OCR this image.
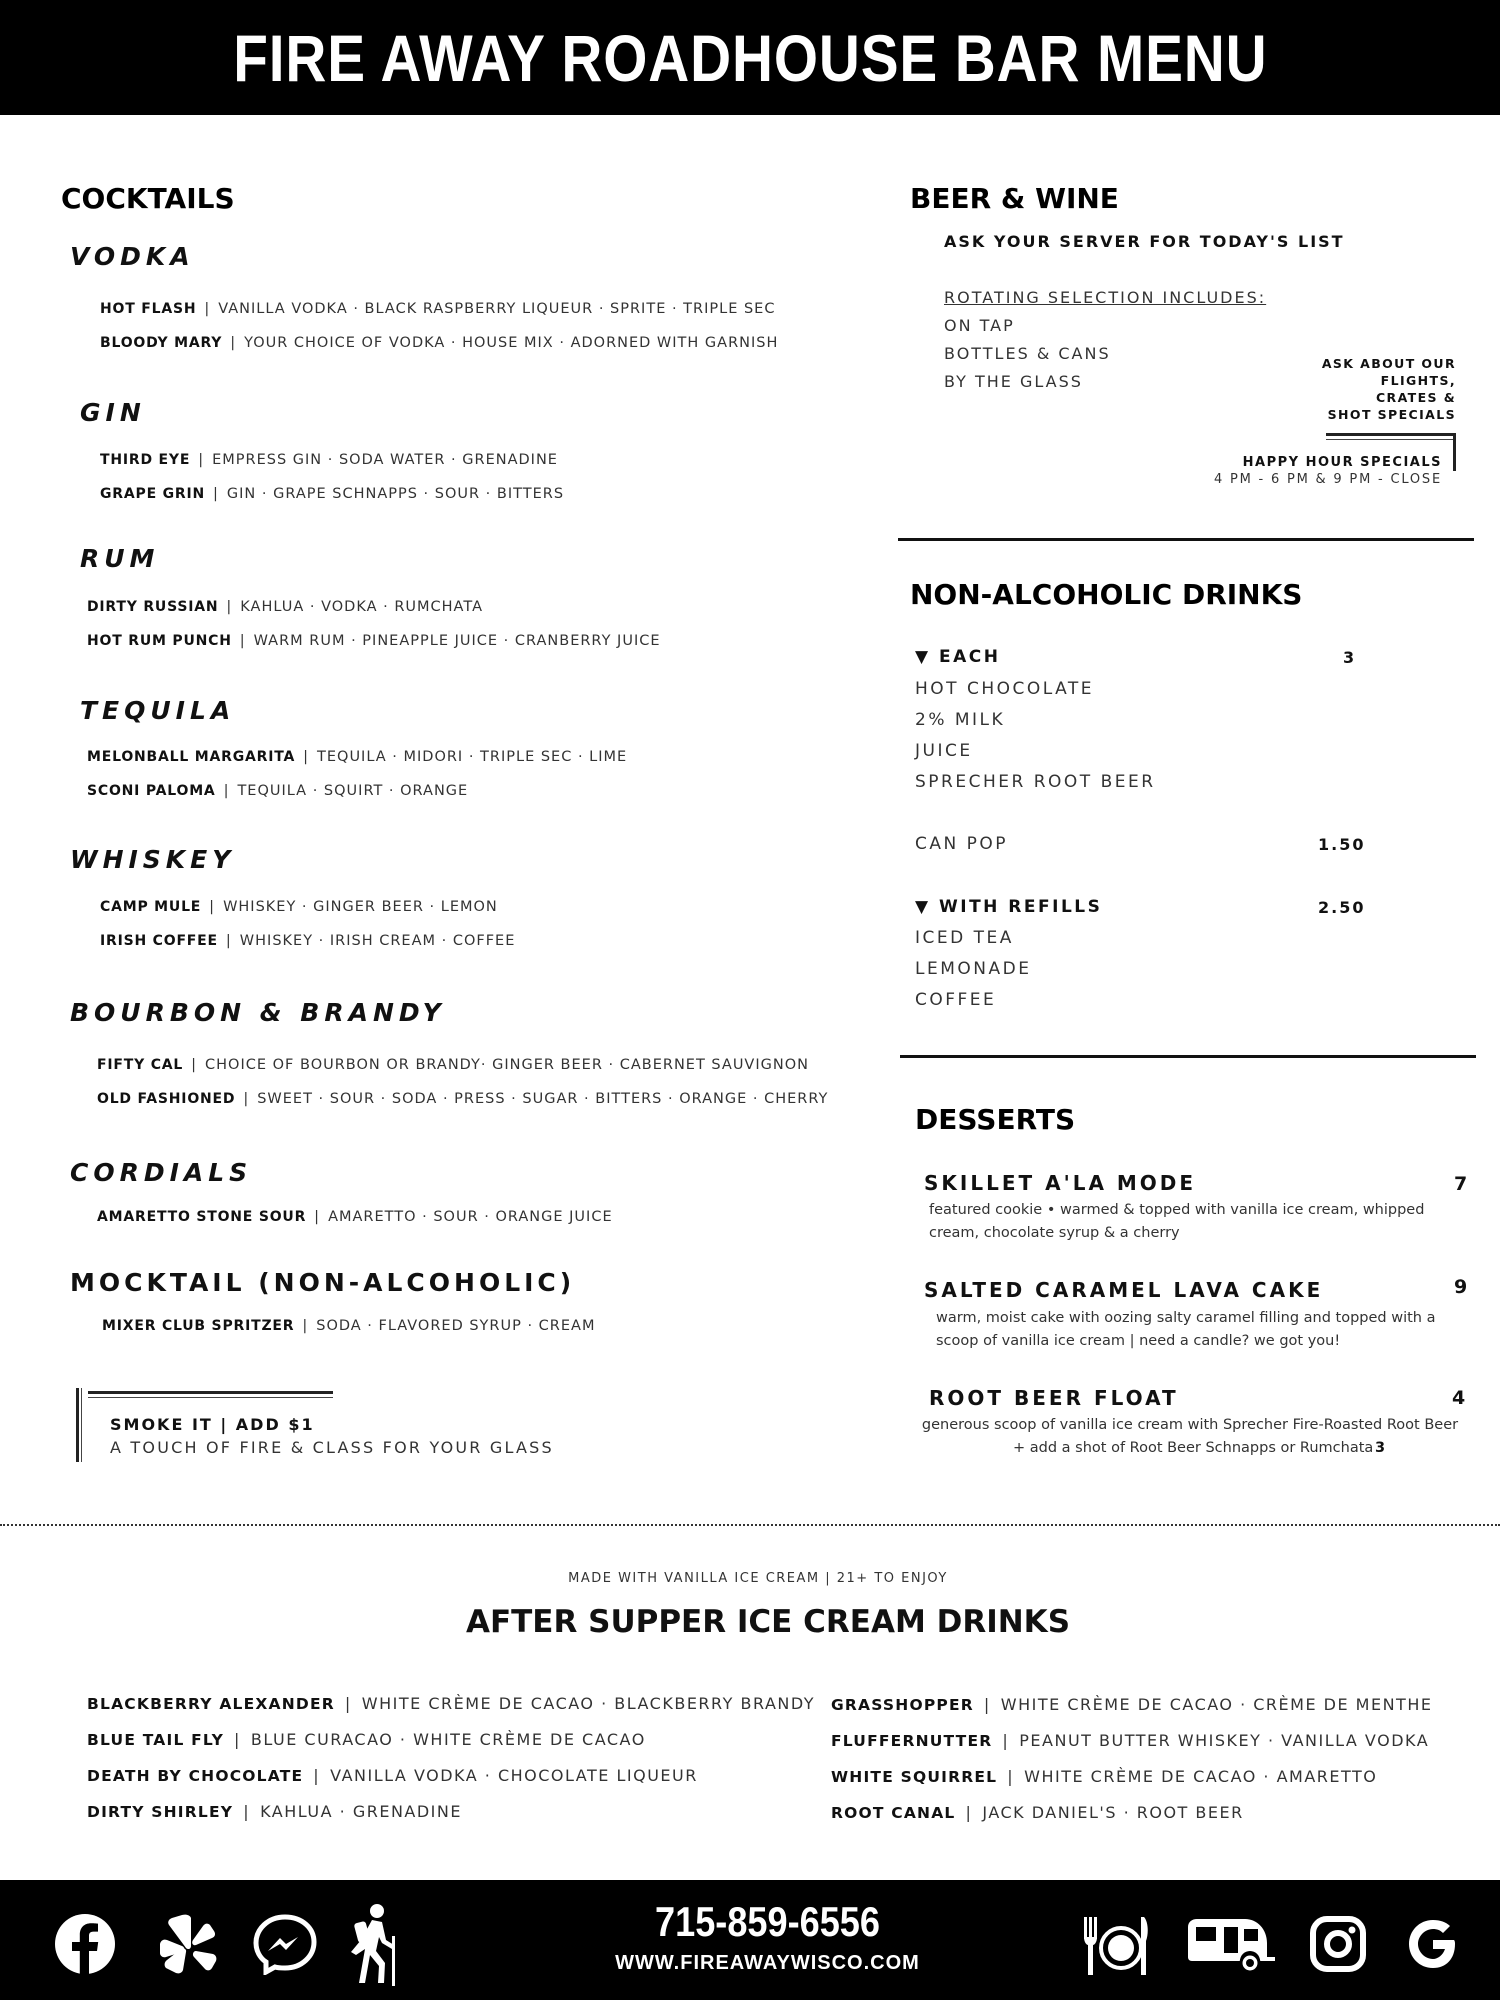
FIRE AWAY ROADHOUSE BAR MENU
COCKTAILS
VODKA
HOT FLASH | VANILLA VODKA · BLACK RASPBERRY LIQUEUR · SPRITE · TRIPLE SEC
BLOODY MARY | YOUR CHOICE OF VODKA · HOUSE MIX · ADORNED WITH GARNISH
GIN
THIRD EYE | EMPRESS GIN · SODA WATER · GRENADINE
GRAPE GRIN | GIN · GRAPE SCHNAPPS · SOUR · BITTERS
RUM
DIRTY RUSSIAN | KAHLUA · VODKA · RUMCHATA
HOT RUM PUNCH | WARM RUM · PINEAPPLE JUICE · CRANBERRY JUICE
TEQUILA
MELONBALL MARGARITA | TEQUILA · MIDORI · TRIPLE SEC · LIME
SCONI PALOMA | TEQUILA · SQUIRT · ORANGE
WHISKEY
CAMP MULE | WHISKEY · GINGER BEER · LEMON
IRISH COFFEE | WHISKEY · IRISH CREAM · COFFEE
BOURBON & BRANDY
FIFTY CAL | CHOICE OF BOURBON OR BRANDY· GINGER BEER · CABERNET SAUVIGNON
OLD FASHIONED | SWEET · SOUR · SODA · PRESS · SUGAR · BITTERS · ORANGE · CHERRY
CORDIALS
AMARETTO STONE SOUR | AMARETTO · SOUR · ORANGE JUICE
MOCKTAIL (NON-ALCOHOLIC)
MIXER CLUB SPRITZER | SODA · FLAVORED SYRUP · CREAM
SMOKE IT | ADD $1
A TOUCH OF FIRE & CLASS FOR YOUR GLASS
BEER & WINE
ASK YOUR SERVER FOR TODAY'S LIST
ROTATING SELECTION INCLUDES:
ON TAP
BOTTLES & CANS
BY THE GLASS
ASK ABOUT OUR
FLIGHTS,
CRATES &
SHOT SPECIALS
HAPPY HOUR SPECIALS
4 PM - 6 PM & 9 PM - CLOSE
NON-ALCOHOLIC DRINKS
▼ EACH	3
HOT CHOCOLATE
2% MILK
JUICE
SPRECHER ROOT BEER
CAN POP	1.50
▼ WITH REFILLS	2.50
ICED TEA
LEMONADE
COFFEE
DESSERTS
SKILLET A'LA MODE	7
featured cookie • warmed & topped with vanilla ice cream, whipped cream, chocolate syrup & a cherry
SALTED CARAMEL LAVA CAKE	9
warm, moist cake with oozing salty caramel filling and topped with a scoop of vanilla ice cream | need a candle? we got you!
ROOT BEER FLOAT	4
generous scoop of vanilla ice cream with Sprecher Fire-Roasted Root Beer
+ add a shot of Root Beer Schnapps or Rumchata 3
MADE WITH VANILLA ICE CREAM | 21+ TO ENJOY
AFTER SUPPER ICE CREAM DRINKS
BLACKBERRY ALEXANDER | WHITE CRÈME DE CACAO · BLACKBERRY BRANDY
BLUE TAIL FLY | BLUE CURACAO · WHITE CRÈME DE CACAO
DEATH BY CHOCOLATE | VANILLA VODKA · CHOCOLATE LIQUEUR
DIRTY SHIRLEY | KAHLUA · GRENADINE
GRASSHOPPER | WHITE CRÈME DE CACAO · CRÈME DE MENTHE
FLUFFERNUTTER | PEANUT BUTTER WHISKEY · VANILLA VODKA
WHITE SQUIRREL | WHITE CRÈME DE CACAO · AMARETTO
ROOT CANAL | JACK DANIEL'S · ROOT BEER
715-859-6556
WWW.FIREAWAYWISCO.COM
